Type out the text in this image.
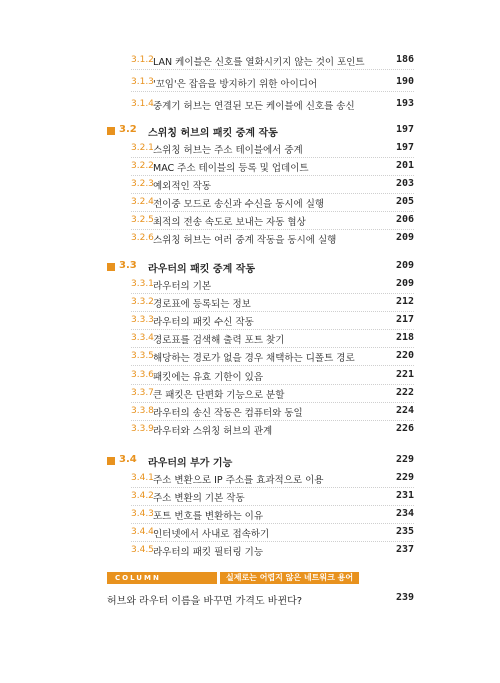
3.1.2 LAN 케이블은 신호를 열화시키지 않는 것이 포인트	186
3.1.3 '꼬임'은 잡음을 방지하기 위한 아이디어	190
3.1.4 중계기 허브는 연결된 모든 케이블에 신호를 송신	193
3.2 스위칭 허브의 패킷 중계 작동	197
3.2.1 스위칭 허브는 주소 테이블에서 중계	197
3.2.2 MAC 주소 테이블의 등록 및 업데이트	201
3.2.3 예외적인 작동	203
3.2.4 전이중 모드로 송신과 수신을 동시에 실행	205
3.2.5 최적의 전송 속도로 보내는 자동 협상	206
3.2.6 스위칭 허브는 여러 중계 작동을 동시에 실행	209
3.3 라우터의 패킷 중계 작동	209
3.3.1 라우터의 기본	209
3.3.2 경로표에 등록되는 정보	212
3.3.3 라우터의 패킷 수신 작동	217
3.3.4 경로표를 검색해 출력 포트 찾기	218
3.3.5 해당하는 경로가 없을 경우 채택하는 디폴트 경로	220
3.3.6 패킷에는 유효 기한이 있음	221
3.3.7 큰 패킷은 단편화 기능으로 분할	222
3.3.8 라우터의 송신 작동은 컴퓨터와 동일	224
3.3.9 라우터와 스위칭 허브의 관계	226
3.4 라우터의 부가 기능	229
3.4.1 주소 변환으로 IP 주소를 효과적으로 이용	229
3.4.2 주소 변환의 기본 작동	231
3.4.3 포트 번호를 변환하는 이유	234
3.4.4 인터넷에서 사내로 접속하기	235
3.4.5 라우터의 패킷 필터링 기능	237
COLUMN	실제로는 어렵지 않은 네트워크 용어
허브와 라우터 이름을 바꾸면 가격도 바뀐다?	239
